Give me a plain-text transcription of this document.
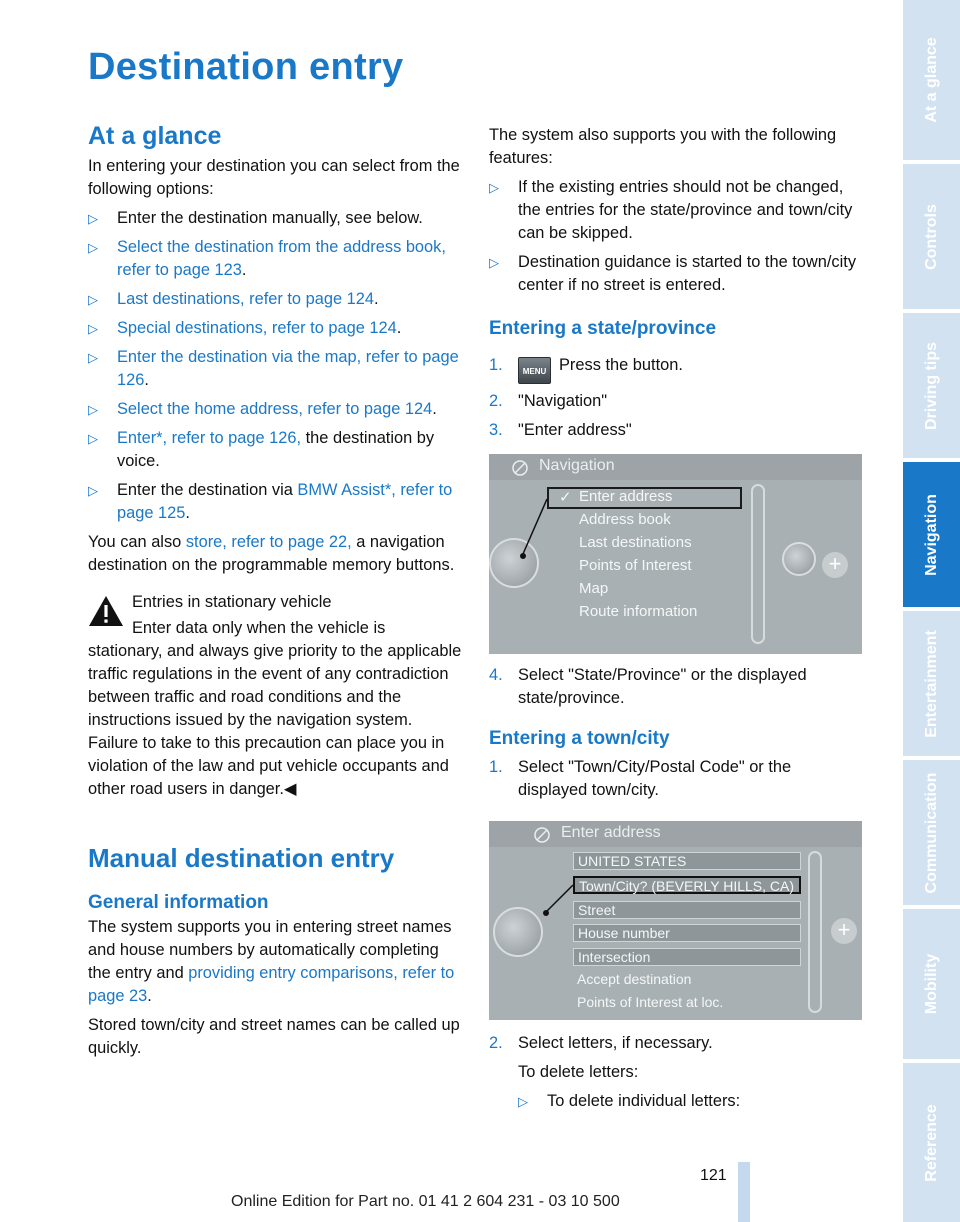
Destination entry
At a glance

In entering your destination you can select from the following options:

▷ Enter the destination manually, see below.
▷ Select the destination from the address book, refer to page 123.
▷ Last destinations, refer to page 124.
▷ Special destinations, refer to page 124.
▷ Enter the destination via the map, refer to page 126.
▷ Select the home address, refer to page 124.
▷ Enter*, refer to page 126, the destination by voice.
▷ Enter the destination via BMW Assist*, refer to page 125.

You can also store, refer to page 22, a navigation destination on the programmable memory buttons.

Entries in stationary vehicle

Enter data only when the vehicle is stationary, and always give priority to the applicable traffic regulations in the event of any contradiction between traffic and road conditions and the instructions issued by the navigation system. Failure to take to this precaution can place you in violation of the law and put vehicle occupants and other road users in danger.◀

Manual destination entry
General information

The system supports you in entering street names and house numbers by automatically completing the entry and providing entry comparisons, refer to page 23.

Stored town/city and street names can be called up quickly.

The system also supports you with the following features:

▷ If the existing entries should not be changed, the entries for the state/province and town/city can be skipped.
▷ Destination guidance is started to the town/city center if no street is entered.
Entering a state/province
1.	MENU Press the button.
2. "Navigation"
3. "Enter address"
Navigation
✓ Enter address
Address book
Last destinations
Points of Interest
Map
Route information
+
4. Select "State/Province" or the displayed state/province.
Entering a town/city
1. Select "Town/City/Postal Code" or the displayed town/city.
Enter address
UNITED STATES
Town/City? (BEVERLY HILLS, CA)
Street
House number
Intersection
Accept destination
Points of Interest at loc.
+
2. Select letters, if necessary.

To delete letters:

▷ To delete individual letters:
121
Online Edition for Part no. 01 41 2 604 231 - 03 10 500
At a glance
Controls
Driving tips
Navigation
Entertainment
Communication
Mobility
Reference
